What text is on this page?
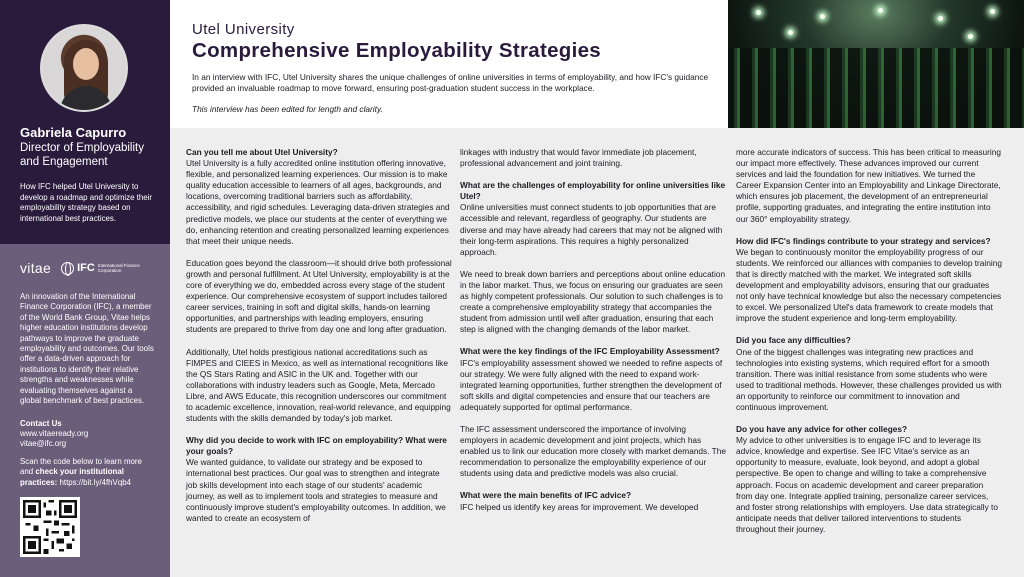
Gabriela Capurro
Director of Employability and Engagement
How IFC helped Utel University to develop a roadmap and optimize their employability strategy based on international best practices.
vitae IFC International Finance Corporation
An innovation of the International Finance Corporation (IFC), a member of the World Bank Group, Vitae helps higher education institutions develop pathways to improve the graduate employability and outcomes. Our tools offer a data-driven approach for institutions to identify their relative strengths and weaknesses while evaluating themselves against a global benchmark of best practices.
Contact Us
www.vitaeready.org
vitae@ifc.org
Scan the code below to learn more and check your institutional practices: https://bit.ly/4fhVqb4
Utel University
Comprehensive Employability Strategies
In an interview with IFC, Utel University shares the unique challenges of online universities in terms of employability, and how IFC's guidance provided an invaluable roadmap to move forward, ensuring post-graduation student success in the workplace.
This interview has been edited for length and clarity.

Can you tell me about Utel University?
Utel University is a fully accredited online institution offering innovative, flexible, and personalized learning experiences. Our mission is to make quality education accessible to learners of all ages, backgrounds, and locations, overcoming traditional barriers such as affordability, accessibility, and rigid schedules. Leveraging data-driven strategies and predictive models, we place our students at the center of everything we do, enhancing retention and creating personalized learning experiences that meet their unique needs.

Education goes beyond the classroom—it should drive both professional growth and personal fulfillment. At Utel University, employability is at the core of everything we do, embedded across every stage of the student experience. Our comprehensive ecosystem of support includes tailored career services, training in soft and digital skills, hands-on learning opportunities, and partnerships with leading employers, ensuring students are prepared to thrive from day one and long after graduation.

Additionally, Utel holds prestigious national accreditations such as FIMPES and CIEES in Mexico, as well as international recognitions like the QS Stars Rating and ASIC in the UK and. Together with our collaborations with industry leaders such as Google, Meta, Mercado Libre, and AWS Educate, this recognition underscores our commitment to academic excellence, innovation, real-world relevance, and equipping students with the skills demanded by today's job market.

Why did you decide to work with IFC on employability? What were your goals?
We wanted guidance, to validate our strategy and be exposed to international best practices. Our goal was to strengthen and integrate job skills development into each stage of our students' academic journey, as well as to implement tools and strategies to measure and continuously improve student's employability outcomes. In addition, we wanted to create an ecosystem of

linkages with industry that would favor immediate job placement, professional advancement and joint training.

What are the challenges of employability for online universities like Utel?
Online universities must connect students to job opportunities that are accessible and relevant, regardless of geography. Our students are diverse and may have already had careers that may not be aligned with their long-term aspirations. This requires a highly personalized approach.

We need to break down barriers and perceptions about online education in the labor market. Thus, we focus on ensuring our graduates are seen as highly competent professionals. Our solution to such challenges is to create a comprehensive employability strategy that accompanies the student from admission until well after graduation, ensuring that each step is aligned with the changing demands of the labor market.

What were the key findings of the IFC Employability Assessment?
IFC's employability assessment showed we needed to refine aspects of our strategy. We were fully aligned with the need to expand work-integrated learning opportunities, further strengthen the development of soft skills and digital competencies and ensure that our teachers are adequately supported for optimal performance.

The IFC assessment underscored the importance of involving employers in academic development and joint projects, which has enabled us to link our education more closely with market demands. The recommendation to personalize the employability experience of our students using data and predictive models was also crucial.

What were the main benefits of IFC advice?
IFC helped us identify key areas for improvement. We developed

more accurate indicators of success. This has been critical to measuring our impact more effectively. These advances improved our current services and laid the foundation for new initiatives. We turned the Career Expansion Center into an Employability and Linkage Directorate, which ensures job placement, the development of an entrepreneurial profile, supporting graduates, and integrating the entire institution into our 360° employability strategy.

How did IFC's findings contribute to your strategy and services?
We began to continuously monitor the employability progress of our students. We reinforced our alliances with companies to develop training that is directly matched with the market. We integrated soft skills development and employability advisors, ensuring that our graduates not only have technical knowledge but also the necessary competencies to excel. We personalized Utel's data framework to create models that improve the student experience and long-term employability.

Did you face any difficulties?
One of the biggest challenges was integrating new practices and technologies into existing systems, which required effort for a smooth transition. There was initial resistance from some students who were used to traditional methods. However, these challenges provided us with an opportunity to reinforce our commitment to innovation and continuous improvement.

Do you have any advice for other colleges?
My advice to other universities is to engage IFC and to leverage its advice, knowledge and expertise. See IFC Vitae's service as an opportunity to measure, evaluate, look beyond, and adopt a global perspective. Be open to change and willing to take a comprehensive approach. Focus on academic development and career preparation from day one. Integrate applied training, personalize career services, and foster strong relationships with employers. Use data strategically to anticipate needs that deliver tailored interventions to students throughout their journey.
